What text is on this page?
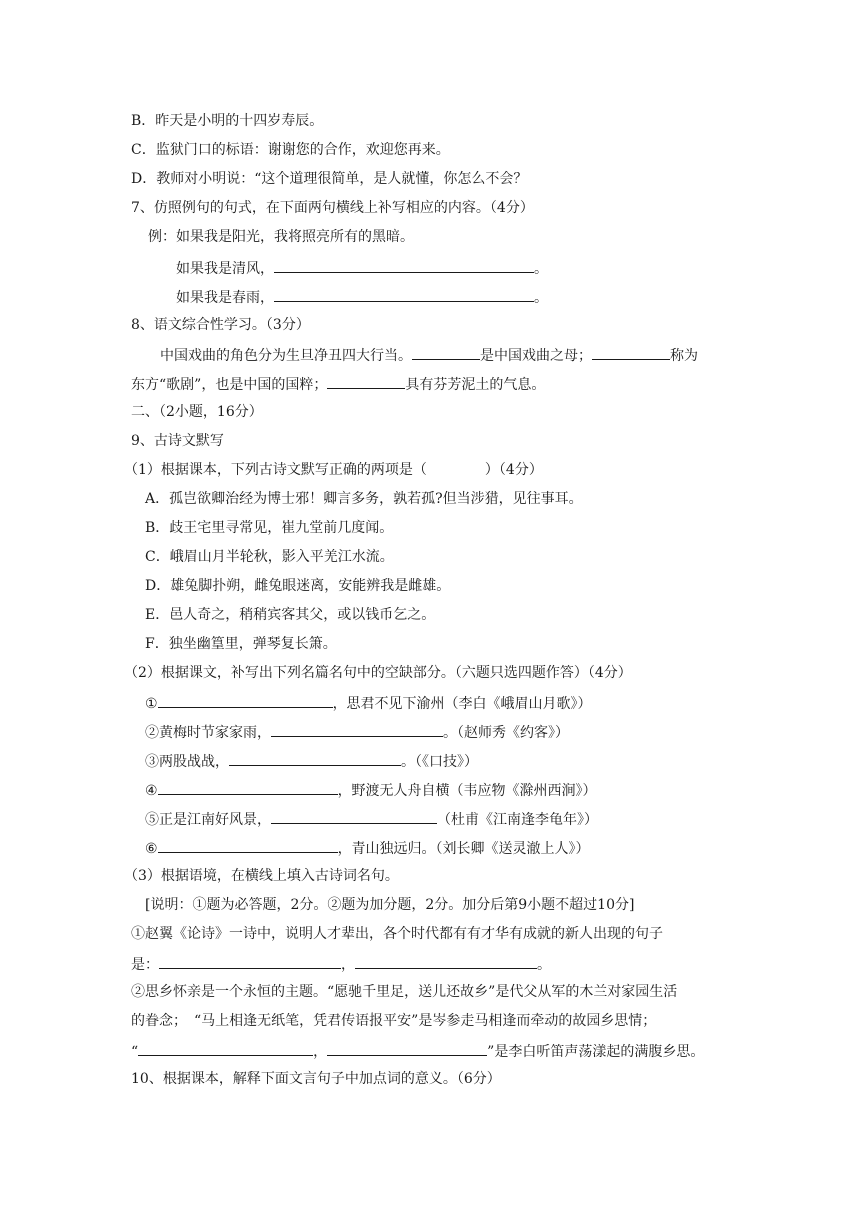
B．昨天是小明的十四岁寿辰。
C．监狱门口的标语：谢谢您的合作，欢迎您再来。
D．教师对小明说：“这个道理很简单，是人就懂，你怎么不会？
7、仿照例句的句式，在下面两句横线上补写相应的内容。（4分）
例：如果我是阳光，我将照亮所有的黑暗。
如果我是清风，	。
如果我是春雨，	。
8、语文综合性学习。（3分）
中国戏曲的角色分为生旦净丑四大行当。	是中国戏曲之母；	称为
东方“歌剧”，也是中国的国粹；	具有芬芳泥土的气息。
二、（2小题，16分）
9、古诗文默写
（1）根据课本，下列古诗文默写正确的两项是（	）（4分）
A．孤岂欲卿治经为博士邪！卿言多务，孰若孤?但当涉猎，见往事耳。
B．歧王宅里寻常见，崔九堂前几度闻。
C．峨眉山月半轮秋，影入平羌江水流。
D．雄兔脚扑朔，雌兔眼迷离，安能辨我是雌雄。
E．邑人奇之，稍稍宾客其父，或以钱币乞之。
F．独坐幽篁里，弹琴复长箫。
（2）根据课文，补写出下列名篇名句中的空缺部分。（六题只选四题作答）（4分）
①	，思君不见下渝州（李白《峨眉山月歌》）
②黄梅时节家家雨，	。（赵师秀《约客》）
③两股战战，	。（《口技》）
④	，野渡无人舟自横（韦应物《滁州西涧》）
⑤正是江南好风景，	（杜甫《江南逢李龟年》）
⑥	，青山独远归。（刘长卿《送灵澈上人》）
（3）根据语境，在横线上填入古诗词名句。
[说明：①题为必答题，2分。②题为加分题，2分。加分后第9小题不超过10分]
①赵翼《论诗》一诗中，说明人才辈出，各个时代都有有才华有成就的新人出现的句子
是：	，	。
②思乡怀亲是一个永恒的主题。“愿驰千里足，送儿还故乡”是代父从军的木兰对家园生活
的眷念；　“马上相逢无纸笔，凭君传语报平安”是岑参走马相逢而牵动的故园乡思情；
“	，	”是李白听笛声荡漾起的满腹乡思。
10、根据课本，解释下面文言句子中加点词的意义。（6分）
